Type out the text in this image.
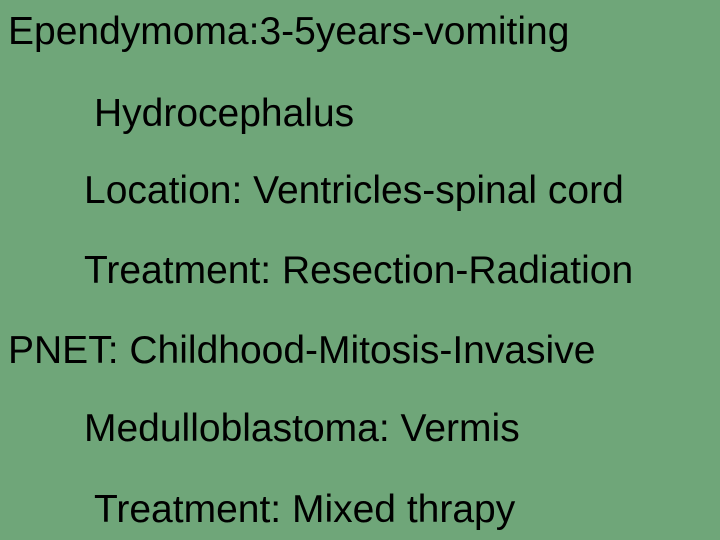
Ependymoma:3-5years-vomiting
Hydrocephalus
Location: Ventricles-spinal cord
Treatment: Resection-Radiation
PNET: Childhood-Mitosis-Invasive
Medulloblastoma: Vermis
Treatment: Mixed thrapy
